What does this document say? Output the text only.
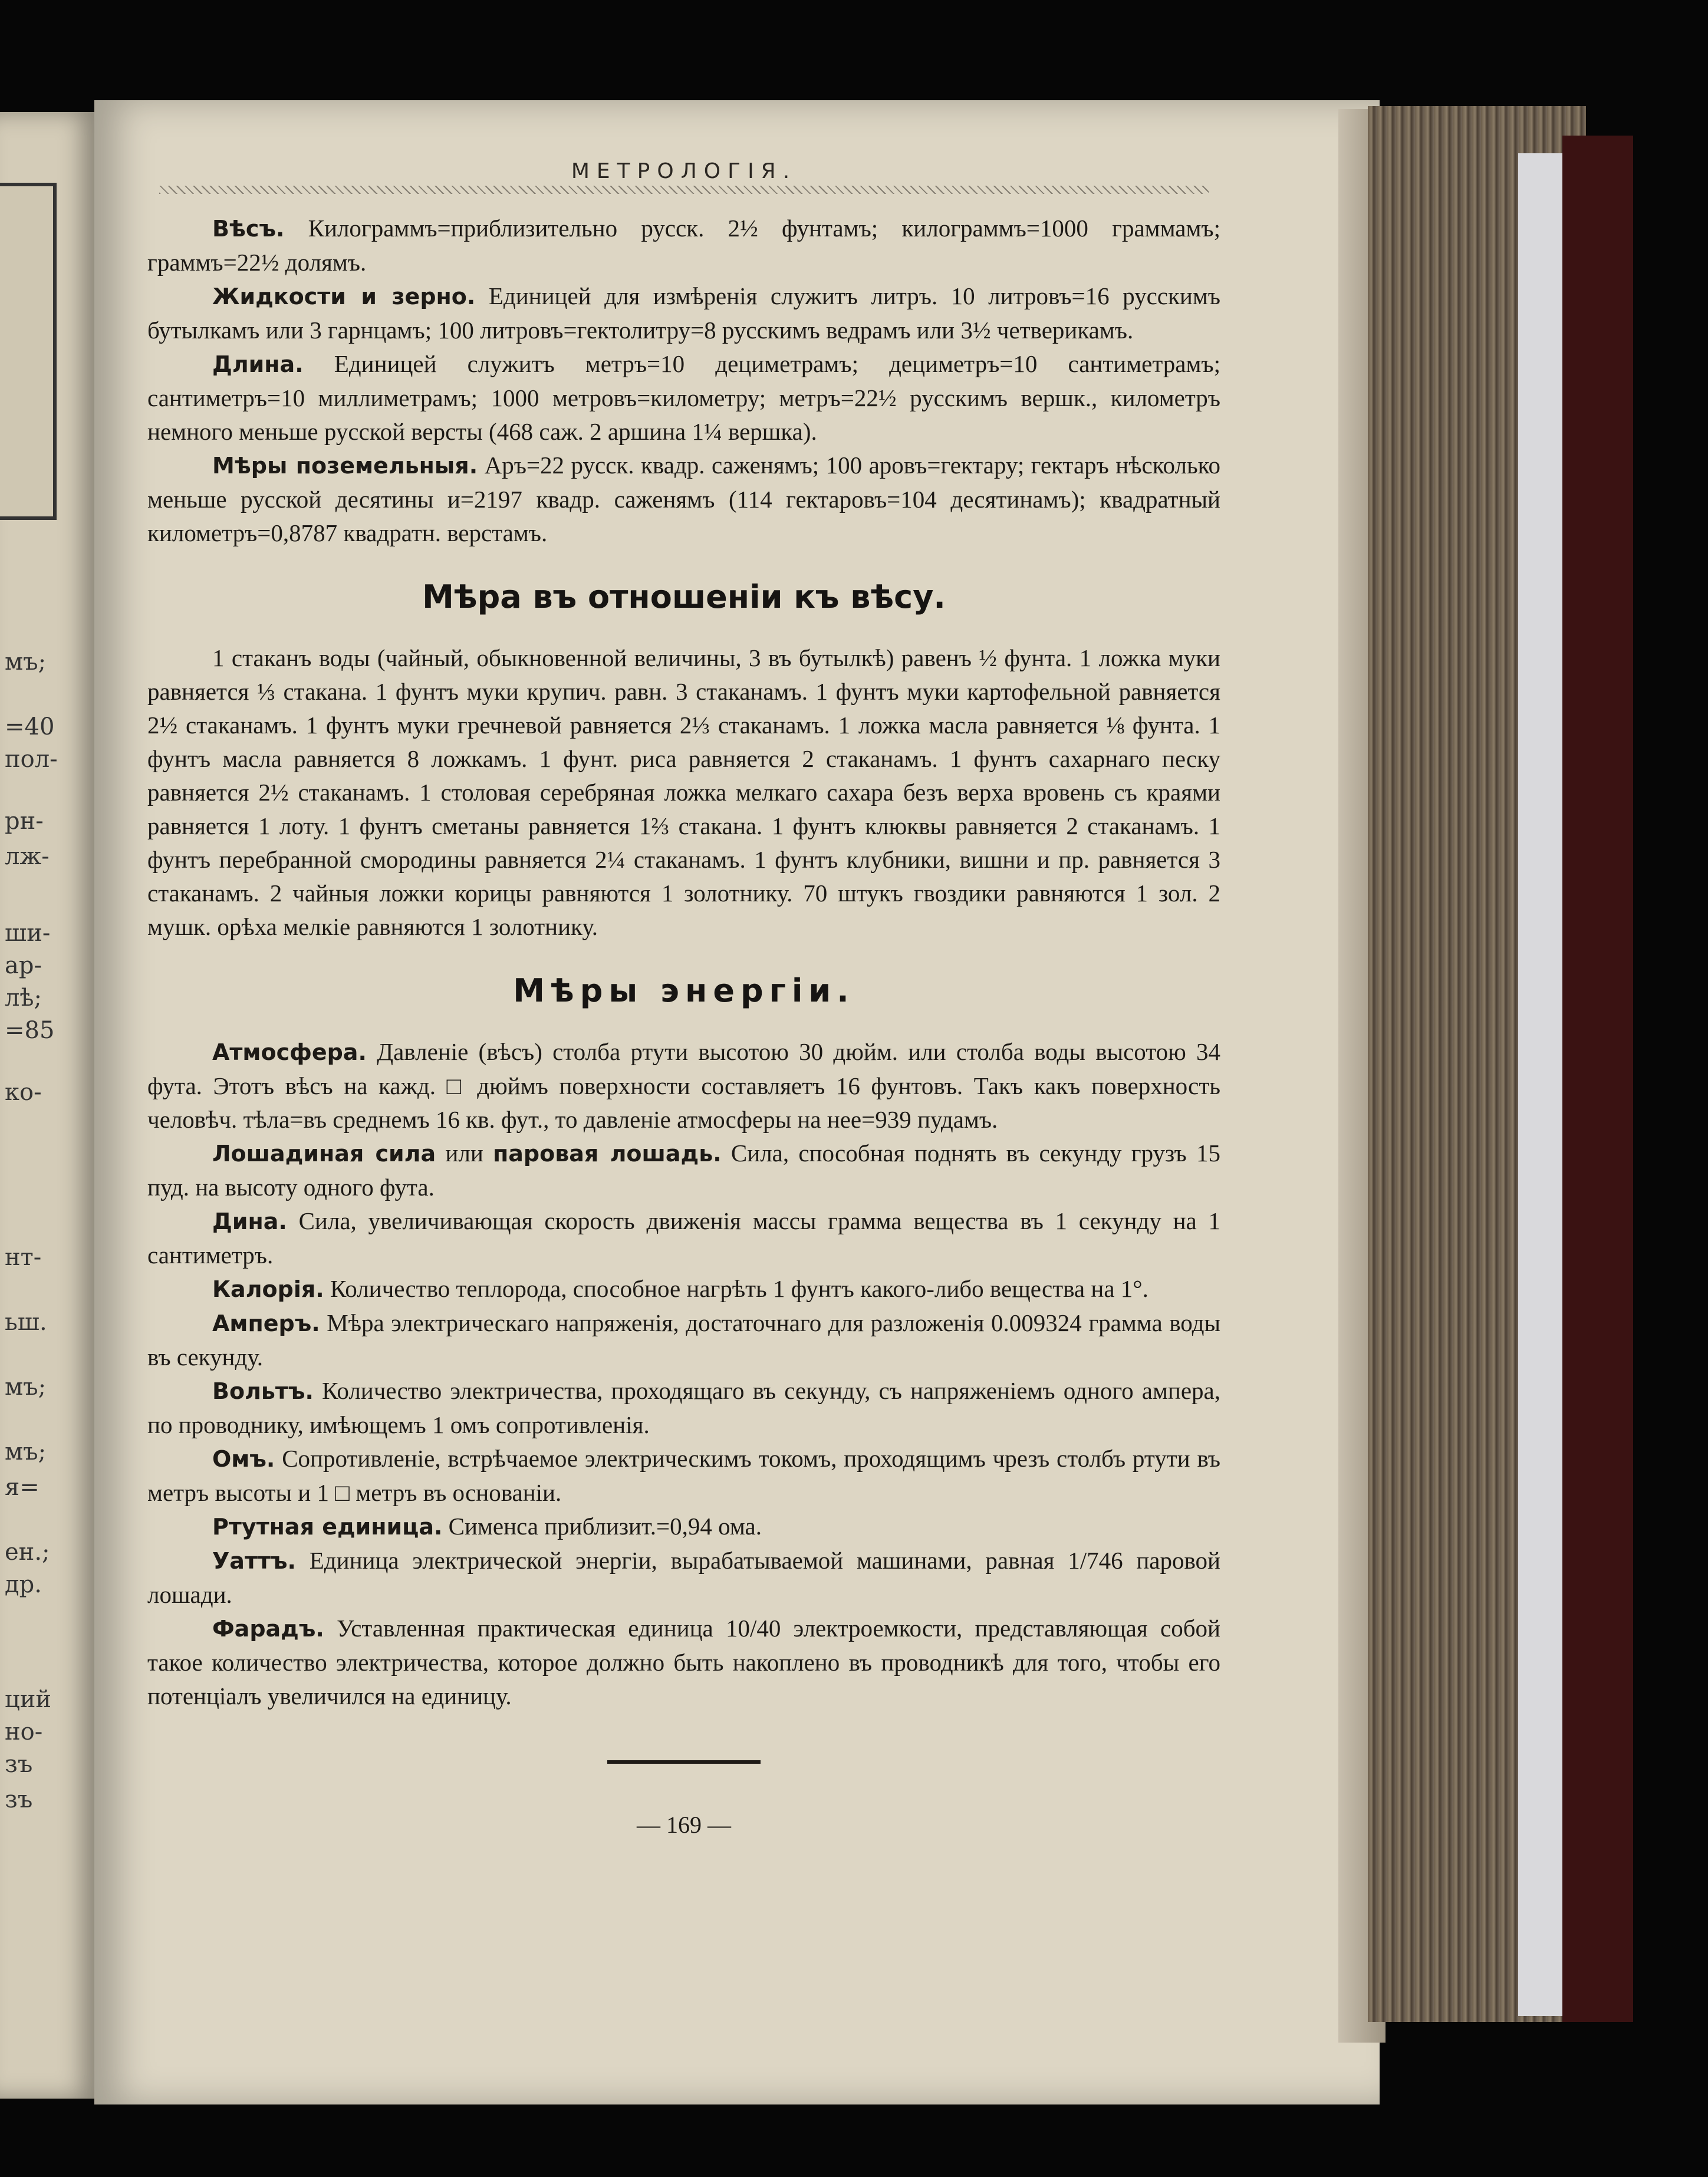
мъ;
=40
пол-
рн-
лж-
ши-
ар-
лѣ;
=85
ко-
нт-
ьш.
мъ;
мъ;
я=
ен.;
др.
ций
но-
зъ
зъ
МЕТРОЛОГІЯ.

Вѣсъ. Килограммъ=приблизительно русск. 2½ фунтамъ; килограммъ=1000 граммамъ; граммъ=22½ долямъ.

Жидкости и зерно. Единицей для измѣренія служитъ литръ. 10 литровъ=16 русскимъ бутылкамъ или 3 гарнцамъ; 100 литровъ=гектолитру=8 русскимъ ведрамъ или 3½ четверикамъ.

Длина. Единицей служитъ метръ=10 дециметрамъ; дециметръ=10 сантиметрамъ; сантиметръ=10 миллиметрамъ; 1000 метровъ=километру; метръ=22½ русскимъ вершк., километръ немного меньше русской версты (468 саж. 2 аршина 1¼ вершка).

Мѣры поземельныя. Аръ=22 русск. квадр. саженямъ; 100 аровъ=гектару; гектаръ нѣсколько меньше русской десятины и=2197 квадр. саженямъ (114 гектаровъ=104 десятинамъ); квадратный километръ=0,8787 квадратн. верстамъ.

Мѣра въ отношеніи къ вѣсу.

1 стаканъ воды (чайный, обыкновенной величины, 3 въ бутылкѣ) равенъ ½ фунта. 1 ложка муки равняется ⅓ стакана. 1 фунтъ муки крупич. равн. 3 стаканамъ. 1 фунтъ муки картофельной равняется 2½ стаканамъ. 1 фунтъ муки гречневой равняется 2⅓ стаканамъ. 1 ложка масла равняется ⅛ фунта. 1 фунтъ масла равняется 8 ложкамъ. 1 фунт. риса равняется 2 стаканамъ. 1 фунтъ сахарнаго песку равняется 2½ стаканамъ. 1 столовая серебряная ложка мелкаго сахара безъ верха вровень съ краями равняется 1 лоту. 1 фунтъ сметаны равняется 1⅔ стакана. 1 фунтъ клюквы равняется 2 стаканамъ. 1 фунтъ перебранной смородины равняется 2¼ стаканамъ. 1 фунтъ клубники, вишни и пр. равняется 3 стаканамъ. 2 чайныя ложки корицы равняются 1 золотнику. 70 штукъ гвоздики равняются 1 зол. 2 мушк. орѣха мелкіе равняются 1 золотнику.

Мѣры энергіи.

Атмосфера. Давленіе (вѣсъ) столба ртути высотою 30 дюйм. или столба воды высотою 34 фута. Этотъ вѣсъ на кажд. □ дюймъ поверхности составляетъ 16 фунтовъ. Такъ какъ поверхность человѣч. тѣла=въ среднемъ 16 кв. фут., то давленіе атмосферы на нее=939 пудамъ.

Лошадиная сила или паровая лошадь. Сила, способная поднять въ секунду грузъ 15 пуд. на высоту одного фута.

Дина. Сила, увеличивающая скорость движенія массы грамма вещества въ 1 секунду на 1 сантиметръ.

Калорія. Количество теплорода, способное нагрѣть 1 фунтъ какого-либо вещества на 1°.

Амперъ. Мѣра электрическаго напряженія, достаточнаго для разложенія 0.009324 грамма воды въ секунду.

Вольтъ. Количество электричества, проходящаго въ секунду, съ напряженіемъ одного ампера, по проводнику, имѣющемъ 1 омъ сопротивленія.

Омъ. Сопротивленіе, встрѣчаемое электрическимъ токомъ, проходящимъ чрезъ столбъ ртути въ метръ высоты и 1 □ метръ въ основаніи.

Ртутная единица. Сименса приблизит.=0,94 ома.

Уаттъ. Единица электрической энергіи, вырабатываемой машинами, равная 1/746 паровой лошади.

Фарадъ. Уставленная практическая единица 10/40 электроемкости, представляющая собой такое количество электричества, которое должно быть накоплено въ проводникѣ для того, чтобы его потенціалъ увеличился на единицу.

— 169 —
